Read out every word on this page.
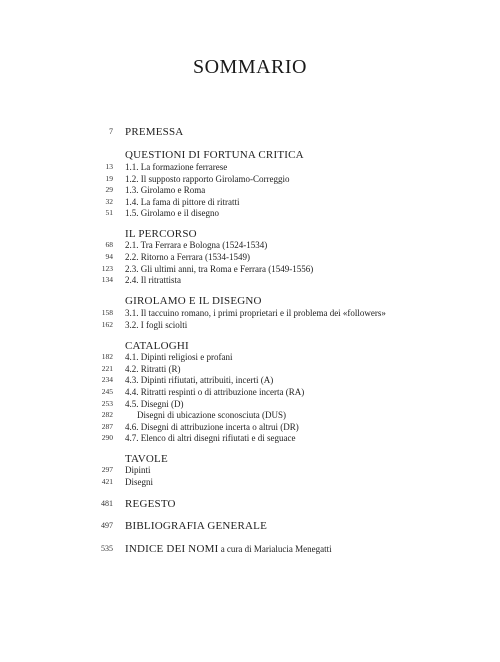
SOMMARIO
7 PREMESSA
QUESTIONI DI FORTUNA CRITICA
13 1.1. La formazione ferrarese
19 1.2. Il supposto rapporto Girolamo-Correggio
29 1.3. Girolamo e Roma
32 1.4. La fama di pittore di ritratti
51 1.5. Girolamo e il disegno
IL PERCORSO
68 2.1. Tra Ferrara e Bologna (1524-1534)
94 2.2. Ritorno a Ferrara (1534-1549)
123 2.3. Gli ultimi anni, tra Roma e Ferrara (1549-1556)
134 2.4. Il ritrattista
GIROLAMO E IL DISEGNO
158 3.1. Il taccuino romano, i primi proprietari e il problema dei «followers»
162 3.2. I fogli sciolti
CATALOGHI
182 4.1. Dipinti religiosi e profani
221 4.2. Ritratti (R)
234 4.3. Dipinti rifiutati, attribuiti, incerti (A)
245 4.4. Ritratti respinti o di attribuzione incerta (RA)
253 4.5. Disegni (D)
282	Disegni di ubicazione sconosciuta (DUS)
287 4.6. Disegni di attribuzione incerta o altrui (DR)
290 4.7. Elenco di altri disegni rifiutati e di seguace
TAVOLE
297 Dipinti
421 Disegni
481 REGESTO
497 BIBLIOGRAFIA GENERALE
535 INDICE DEI NOMI a cura di Marialucia Menegatti
